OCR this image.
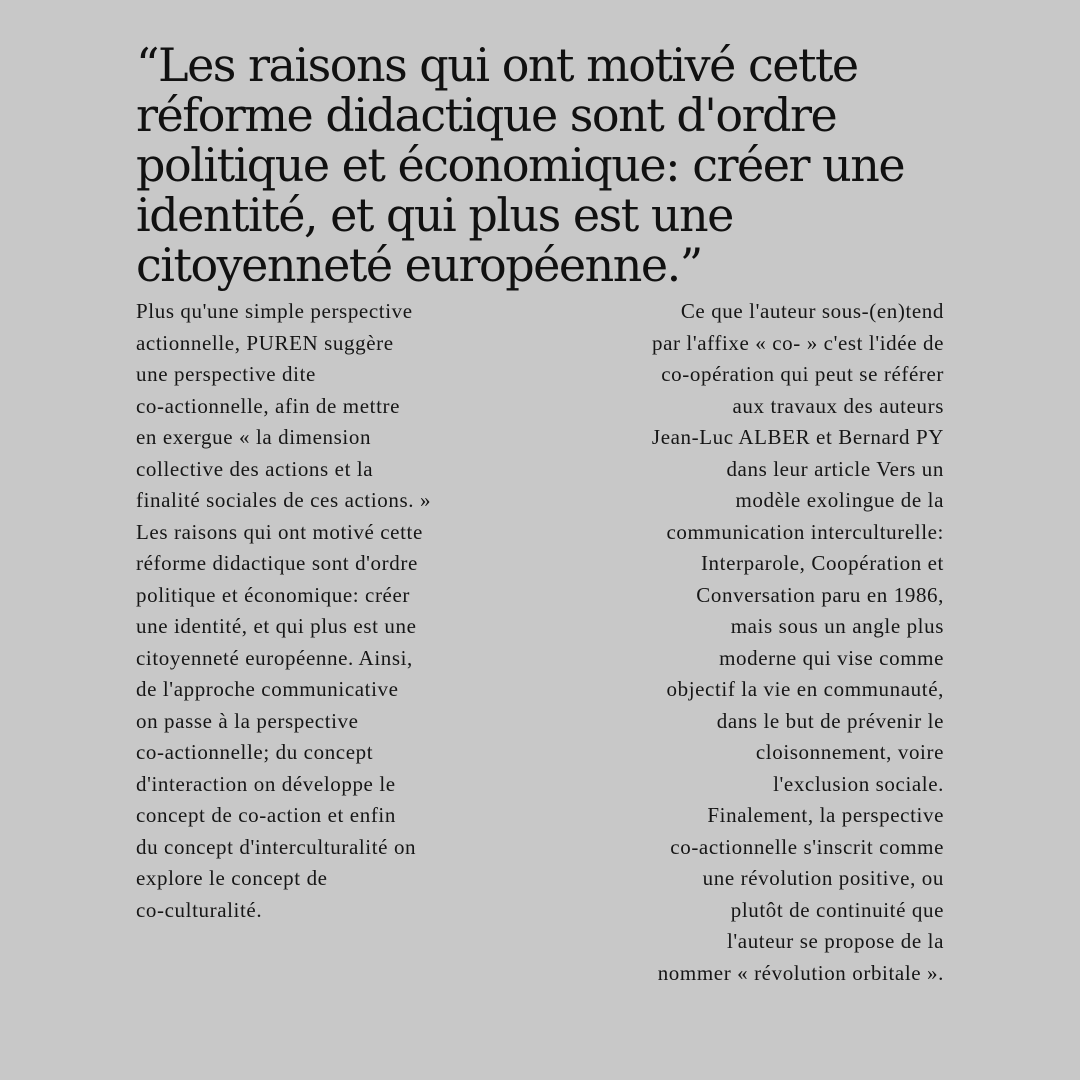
“Les raisons qui ont motivé cette
réforme didactique sont d'ordre
politique et économique: créer une
identité, et qui plus est une
citoyenneté européenne.”
Plus qu'une simple perspective
actionnelle, PUREN suggère
une perspective dite
co-actionnelle, afin de mettre
en exergue « la dimension
collective des actions et la
finalité sociales de ces actions. »
Les raisons qui ont motivé cette
réforme didactique sont d'ordre
politique et économique: créer
une identité, et qui plus est une
citoyenneté européenne. Ainsi,
de l'approche communicative
on passe à la perspective
co-actionnelle; du concept
d'interaction on développe le
concept de co-action et enfin
du concept d'interculturalité on
explore le concept de
co-culturalité.
Ce que l'auteur sous-(en)tend
par l'affixe « co- » c'est l'idée de
co-opération qui peut se référer
aux travaux des auteurs
Jean-Luc ALBER et Bernard PY
dans leur article Vers un
modèle exolingue de la
communication interculturelle:
Interparole, Coopération et
Conversation paru en 1986,
mais sous un angle plus
moderne qui vise comme
objectif la vie en communauté,
dans le but de prévenir le
cloisonnement, voire
l'exclusion sociale.
Finalement, la perspective
co-actionnelle s'inscrit comme
une révolution positive, ou
plutôt de continuité que
l'auteur se propose de la
nommer « révolution orbitale ».
